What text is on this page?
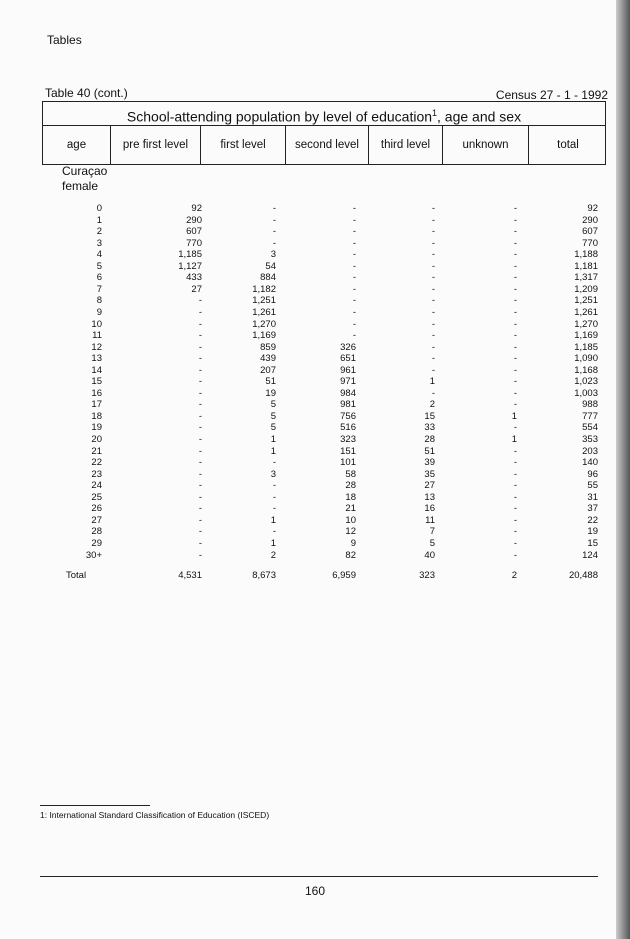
Tables
Table 40 (cont.)	Census 27 - 1 - 1992
School-attending population by level of education$^1$, age and sex
age	pre first level	first level	second level	third level	unknown	total
Curaçao
female
0	92	-	-	-	-	92
1	290	-	-	-	-	290
2	607	-	-	-	-	607
3	770	-	-	-	-	770
4	1,185	3	-	-	-	1,188
5	1,127	54	-	-	-	1,181
6	433	884	-	-	-	1,317
7	27	1,182	-	-	-	1,209
8	-	1,251	-	-	-	1,251
9	-	1,261	-	-	-	1,261
10	-	1,270	-	-	-	1,270
11	-	1,169	-	-	-	1,169
12	-	859	326	-	-	1,185
13	-	439	651	-	-	1,090
14	-	207	961	-	-	1,168
15	-	51	971	1	-	1,023
16	-	19	984	-	-	1,003
17	-	5	981	2	-	988
18	-	5	756	15	1	777
19	-	5	516	33	-	554
20	-	1	323	28	1	353
21	-	1	151	51	-	203
22	-	-	101	39	-	140
23	-	3	58	35	-	96
24	-	-	28	27	-	55
25	-	-	18	13	-	31
26	-	-	21	16	-	37
27	-	1	10	11	-	22
28	-	-	12	7	-	19
29	-	1	9	5	-	15
30+	-	2	82	40	-	124
Total	4,531	8,673	6,959	323	2	20,488
1: International Standard Classification of Education (ISCED)
160
